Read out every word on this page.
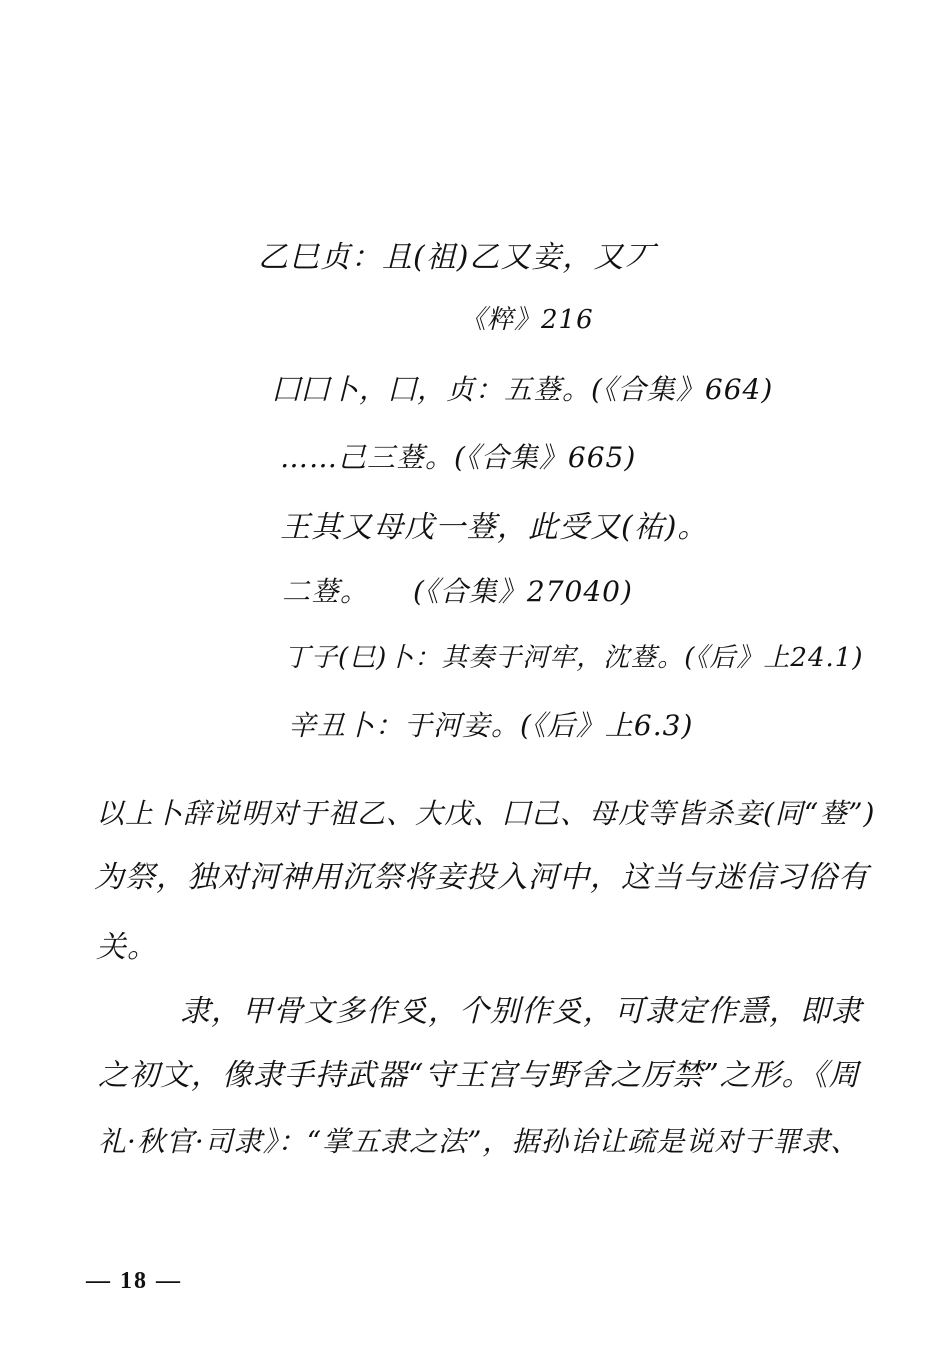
乙巳贞：且(祖)乙又妾，又丆
《粹》216
囗囗卜，囗，贞：五䔲。(《合集》664)
……己三䔲。(《合集》665)
王其又母戊一䔲，此受又(祐)。
二䔲。　　(《合集》27040)
丁子(巳)卜：其奏于河牢，沈䔲。(《后》上24.1)
辛丑卜：于河妾。(《后》上6.3)
以上卜辞说明对于祖乙、大戊、囗己、母戊等皆杀妾(同“䔲”)
为祭，独对河神用沉祭将妾投入河中，这当与迷信习俗有
关。
隶，甲骨文多作𠬪，个别作𠬪，可隶定作㥯，即隶
之初文，像隶手持武器“守王宫与野舍之厉禁”之形。《周
礼·秋官·司隶》：“掌五隶之法”，据孙诒让疏是说对于罪隶、
— 18 —
